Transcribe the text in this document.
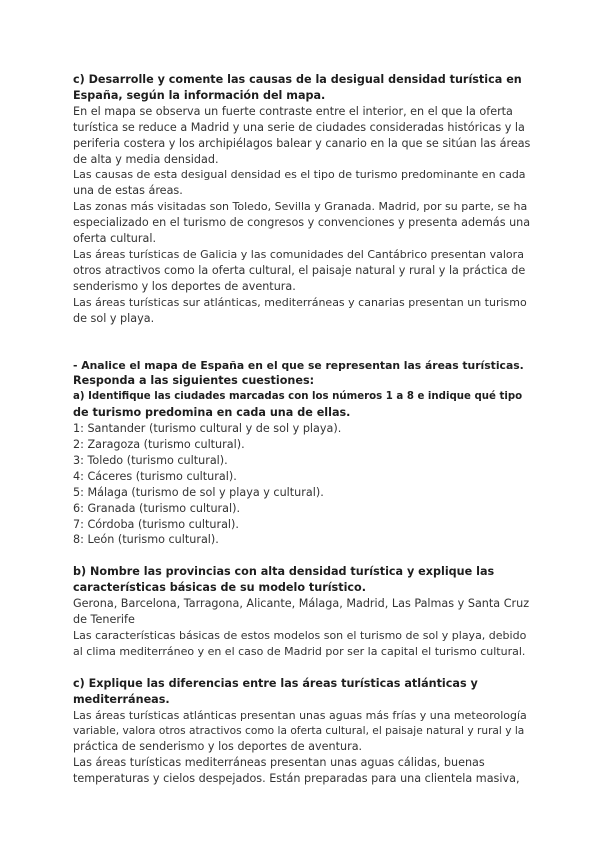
c) Desarrolle y comente las causas de la desigual densidad turística en
España, según la información del mapa.
En el mapa se observa un fuerte contraste entre el interior, en el que la oferta
turística se reduce a Madrid y una serie de ciudades consideradas históricas y la
periferia costera y los archipiélagos balear y canario en la que se sitúan las áreas
de alta y media densidad.
Las causas de esta desigual densidad es el tipo de turismo predominante en cada
una de estas áreas.
Las zonas más visitadas son Toledo, Sevilla y Granada. Madrid, por su parte, se ha
especializado en el turismo de congresos y convenciones y presenta además una
oferta cultural.
Las áreas turísticas de Galicia y las comunidades del Cantábrico presentan valora
otros atractivos como la oferta cultural, el paisaje natural y rural y la práctica de
senderismo y los deportes de aventura.
Las áreas turísticas sur atlánticas, mediterráneas y canarias presentan un turismo
de sol y playa.
- Analice el mapa de España en el que se representan las áreas turísticas.
Responda a las siguientes cuestiones:
a) Identifique las ciudades marcadas con los números 1 a 8 e indique qué tipo
de turismo predomina en cada una de ellas.
1: Santander (turismo cultural y de sol y playa).
2: Zaragoza (turismo cultural).
3: Toledo (turismo cultural).
4: Cáceres (turismo cultural).
5: Málaga (turismo de sol y playa y cultural).
6: Granada (turismo cultural).
7: Córdoba (turismo cultural).
8: León (turismo cultural).
b) Nombre las provincias con alta densidad turística y explique las
características básicas de su modelo turístico.
Gerona, Barcelona, Tarragona, Alicante, Málaga, Madrid, Las Palmas y Santa Cruz
de Tenerife
Las características básicas de estos modelos son el turismo de sol y playa, debido
al clima mediterráneo y en el caso de Madrid por ser la capital el turismo cultural.
c) Explique las diferencias entre las áreas turísticas atlánticas y
mediterráneas.
Las áreas turísticas atlánticas presentan unas aguas más frías y una meteorología
variable, valora otros atractivos como la oferta cultural, el paisaje natural y rural y la
práctica de senderismo y los deportes de aventura.
Las áreas turísticas mediterráneas presentan unas aguas cálidas, buenas
temperaturas y cielos despejados. Están preparadas para una clientela masiva,
